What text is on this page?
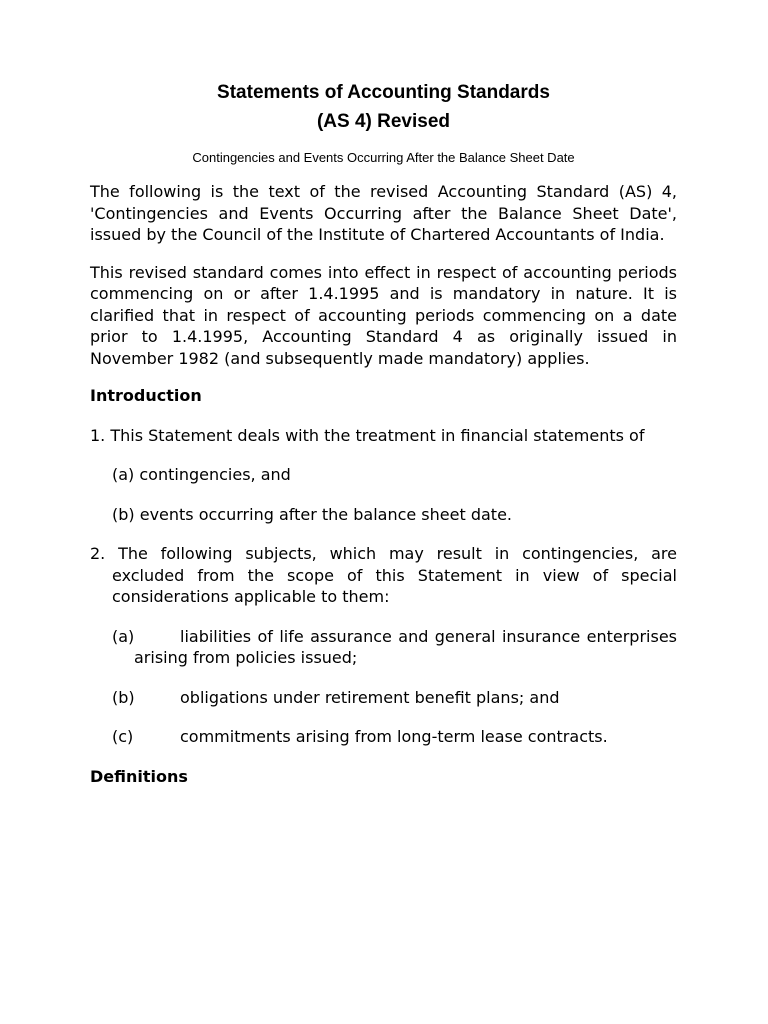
Statements of Accounting Standards
(AS 4) Revised
Contingencies and Events Occurring After the Balance Sheet Date

The following is the text of the revised Accounting Standard (AS) 4, 'Contingencies and Events Occurring after the Balance Sheet Date', issued by the Council of the Institute of Chartered Accountants of India.

This revised standard comes into effect in respect of accounting periods commencing on or after 1.4.1995 and is mandatory in nature. It is clarified that in respect of accounting periods commencing on a date prior to 1.4.1995, Accounting Standard 4 as originally issued in November 1982 (and subsequently made mandatory) applies.

Introduction
1. This Statement deals with the treatment in financial statements of
(a) contingencies, and
(b) events occurring after the balance sheet date.
2. The following subjects, which may result in contingencies, are excluded from the scope of this Statement in view of special considerations applicable to them:
(a)	liabilities of life assurance and general insurance enterprises arising from policies issued;
(b)	obligations under retirement benefit plans; and
(c)	commitments arising from long-term lease contracts.
Definitions
